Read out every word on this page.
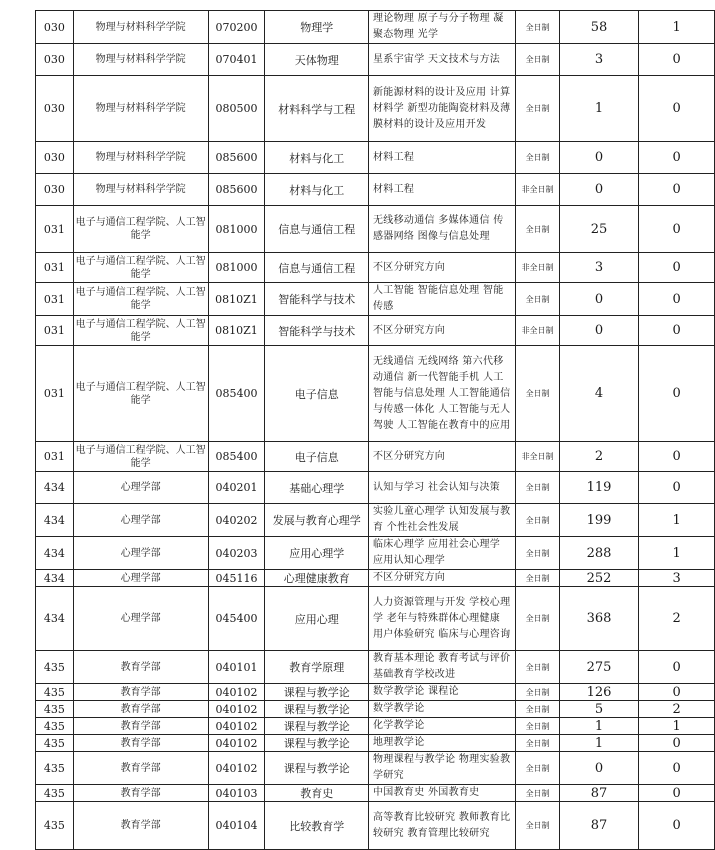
030	物理与材料科学学院	070200	物理学	理论物理 原子与分子物理 凝聚态物理 光学	全日制	58	1
030	物理与材料科学学院	070401	天体物理	星系宇宙学 天文技术与方法	全日制	3	0
030	物理与材料科学学院	080500	材料科学与工程	新能源材料的设计及应用 计算材料学 新型功能陶瓷材料及薄膜材料的设计及应用开发	全日制	1	0
030	物理与材料科学学院	085600	材料与化工	材料工程	全日制	0	0
030	物理与材料科学学院	085600	材料与化工	材料工程	非全日制	0	0
031	电子与通信工程学院、人工智能学	081000	信息与通信工程	无线移动通信 多媒体通信 传感器网络 图像与信息处理	全日制	25	0
031	电子与通信工程学院、人工智能学	081000	信息与通信工程	不区分研究方向	非全日制	3	0
031	电子与通信工程学院、人工智能学	0810Z1	智能科学与技术	人工智能 智能信息处理 智能传感	全日制	0	0
031	电子与通信工程学院、人工智能学	0810Z1	智能科学与技术	不区分研究方向	非全日制	0	0
031	电子与通信工程学院、人工智能学	085400	电子信息	无线通信 无线网络 第六代移动通信 新一代智能手机 人工智能与信息处理 人工智能通信与传感一体化 人工智能与无人驾驶 人工智能在教育中的应用	全日制	4	0
031	电子与通信工程学院、人工智能学	085400	电子信息	不区分研究方向	非全日制	2	0
434	心理学部	040201	基础心理学	认知与学习 社会认知与决策	全日制	119	0
434	心理学部	040202	发展与教育心理学	实验儿童心理学 认知发展与教育 个性社会性发展	全日制	199	1
434	心理学部	040203	应用心理学	临床心理学 应用社会心理学 应用认知心理学	全日制	288	1
434	心理学部	045116	心理健康教育	不区分研究方向	全日制	252	3
434	心理学部	045400	应用心理	人力资源管理与开发 学校心理学 老年与特殊群体心理健康 用户体验研究 临床与心理咨询	全日制	368	2
435	教育学部	040101	教育学原理	教育基本理论 教育考试与评价 基础教育学校改进	全日制	275	0
435	教育学部	040102	课程与教学论	数学教学论 课程论	全日制	126	0
435	教育学部	040102	课程与教学论	数学教学论	全日制	5	2
435	教育学部	040102	课程与教学论	化学教学论	全日制	1	1
435	教育学部	040102	课程与教学论	地理教学论	全日制	1	0
435	教育学部	040102	课程与教学论	物理课程与教学论 物理实验教学研究	全日制	0	0
435	教育学部	040103	教育史	中国教育史 外国教育史	全日制	87	0
435	教育学部	040104	比较教育学	高等教育比较研究 教师教育比较研究 教育管理比较研究	全日制	87	0
